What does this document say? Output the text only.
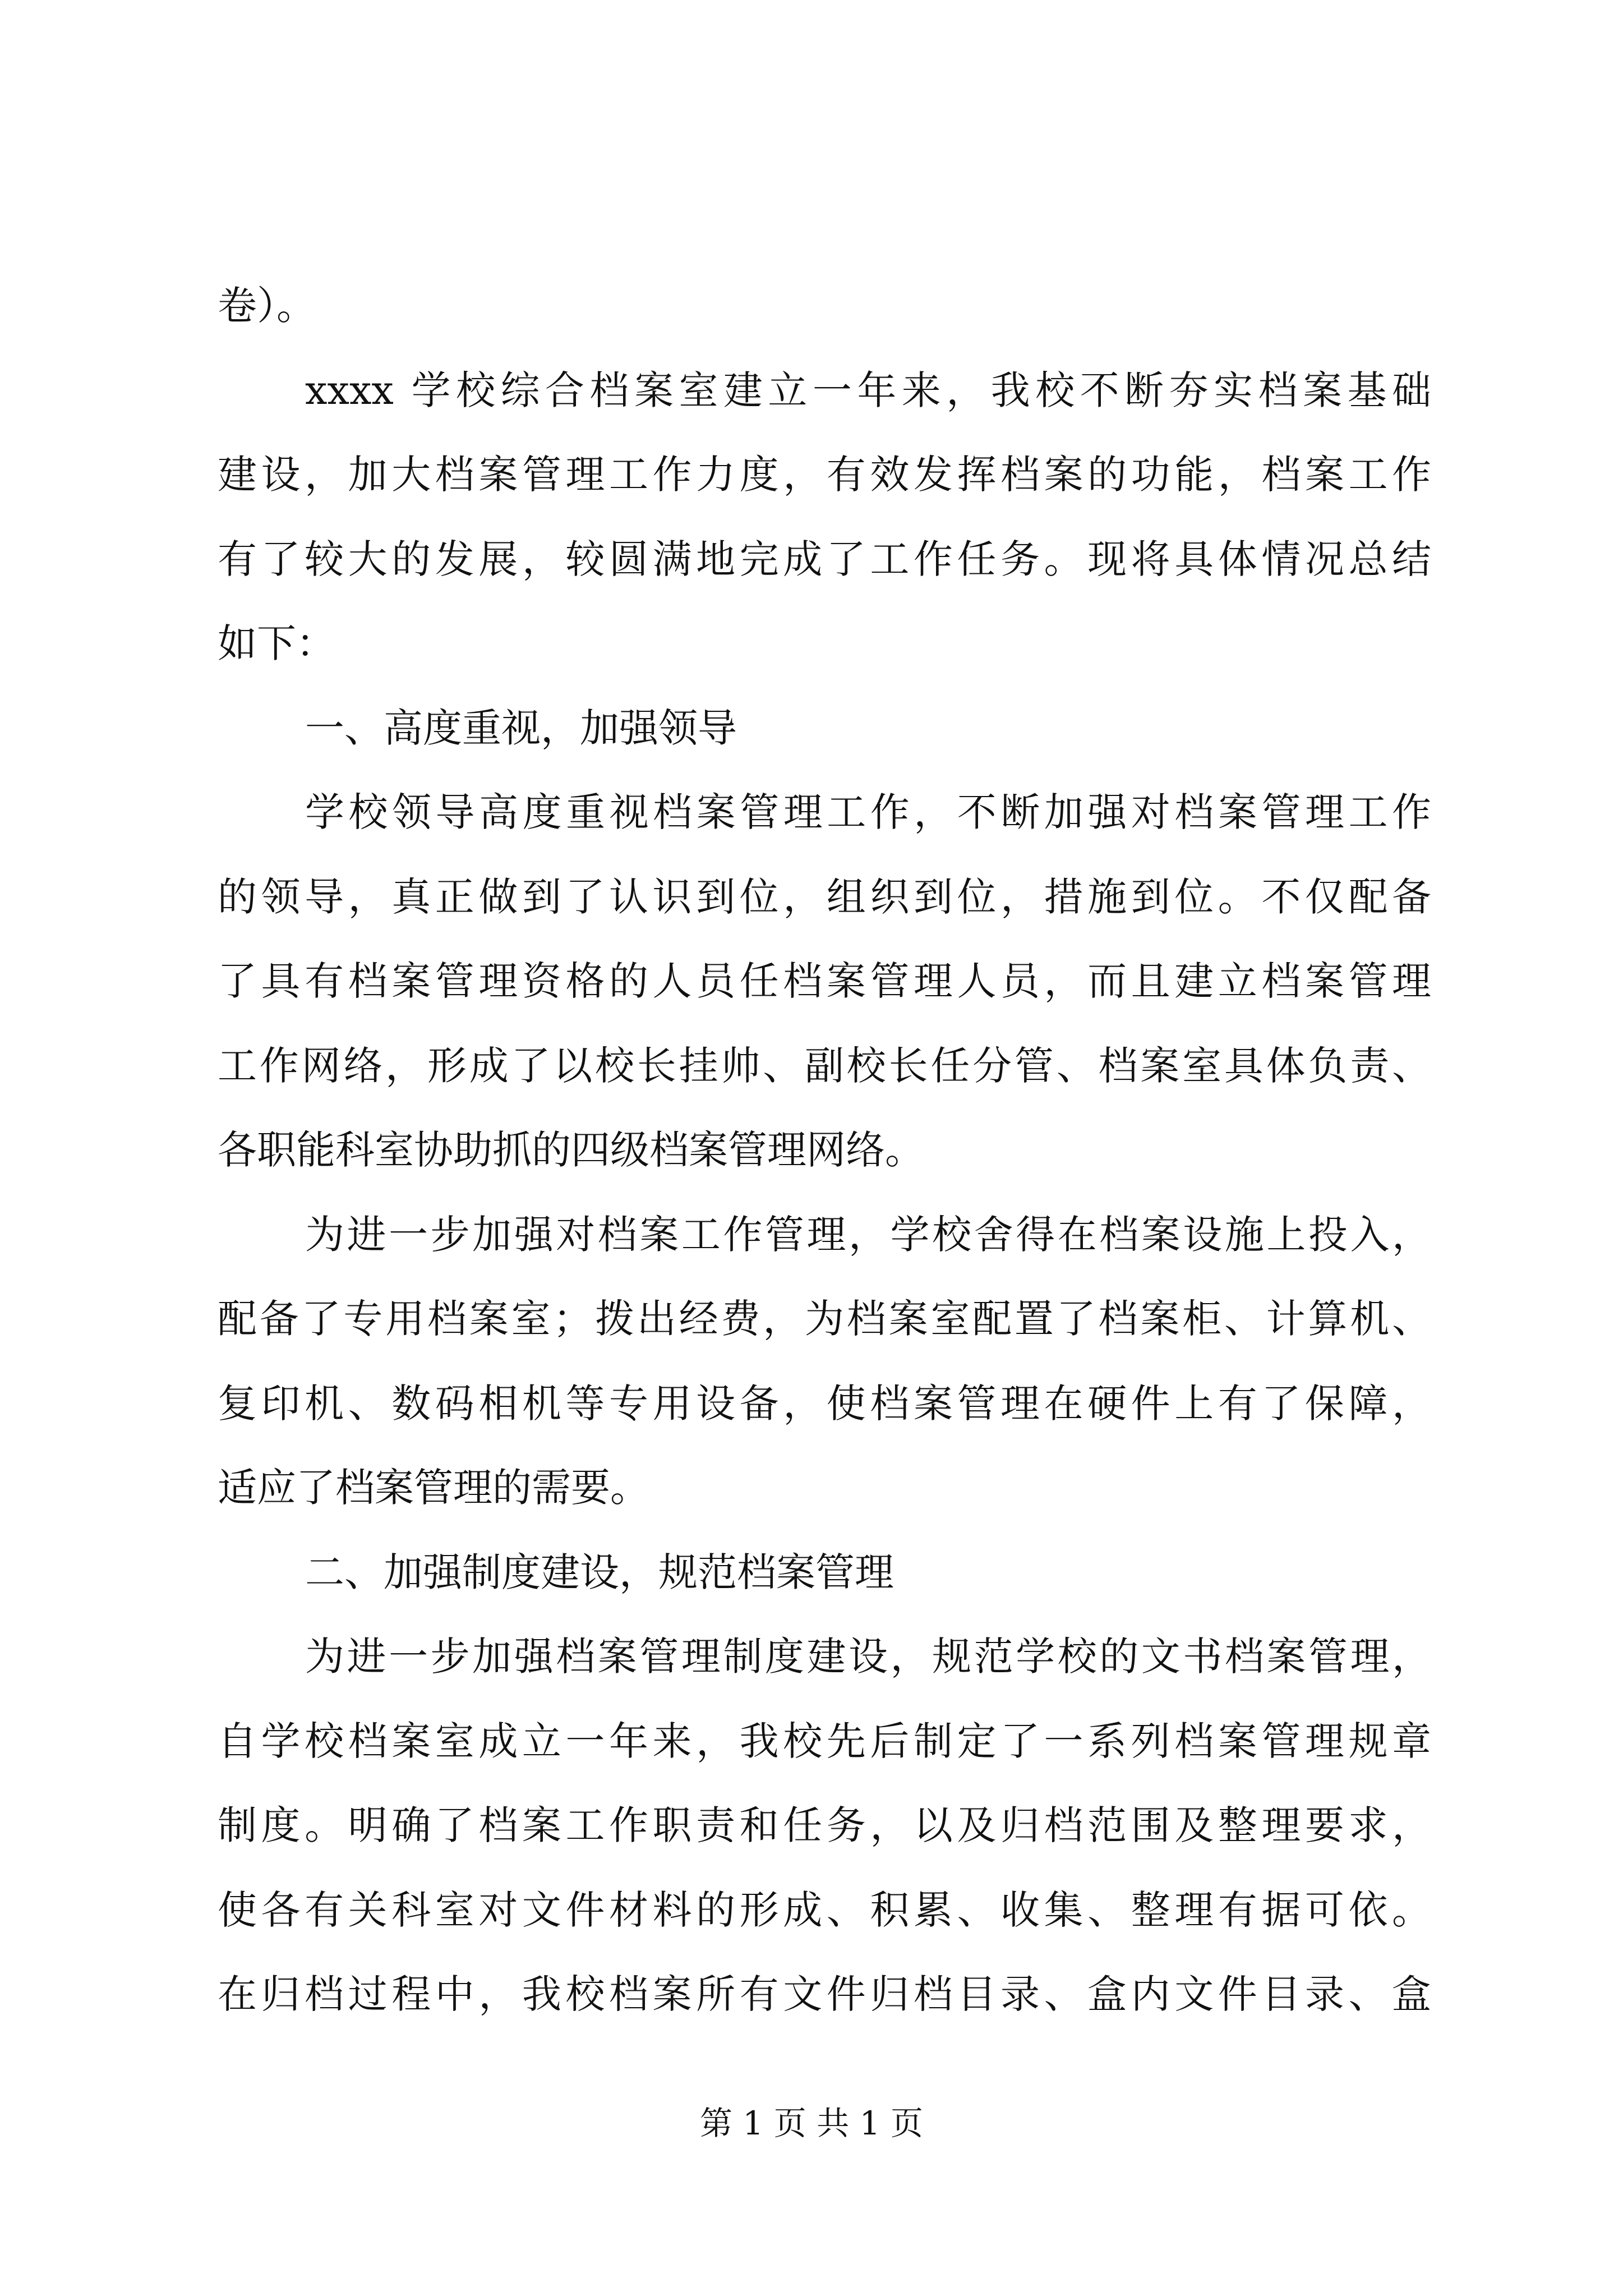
卷）。
xxxx 学校综合档案室建立一年来，我校不断夯实档案基础
建设，加大档案管理工作力度，有效发挥档案的功能，档案工作
有了较大的发展，较圆满地完成了工作任务。现将具体情况总结
如下：
一、高度重视，加强领导
学校领导高度重视档案管理工作，不断加强对档案管理工作
的领导，真正做到了认识到位，组织到位，措施到位。不仅配备
了具有档案管理资格的人员任档案管理人员，而且建立档案管理
工作网络，形成了以校长挂帅、副校长任分管、档案室具体负责、
各职能科室协助抓的四级档案管理网络。
为进一步加强对档案工作管理，学校舍得在档案设施上投入，
配备了专用档案室；拨出经费，为档案室配置了档案柜、计算机、
复印机、数码相机等专用设备，使档案管理在硬件上有了保障，
适应了档案管理的需要。
二、加强制度建设，规范档案管理
为进一步加强档案管理制度建设，规范学校的文书档案管理，
自学校档案室成立一年来，我校先后制定了一系列档案管理规章
制度。明确了档案工作职责和任务，以及归档范围及整理要求，
使各有关科室对文件材料的形成、积累、收集、整理有据可依。
在归档过程中，我校档案所有文件归档目录、盒内文件目录、盒
第 1 页 共 1 页
